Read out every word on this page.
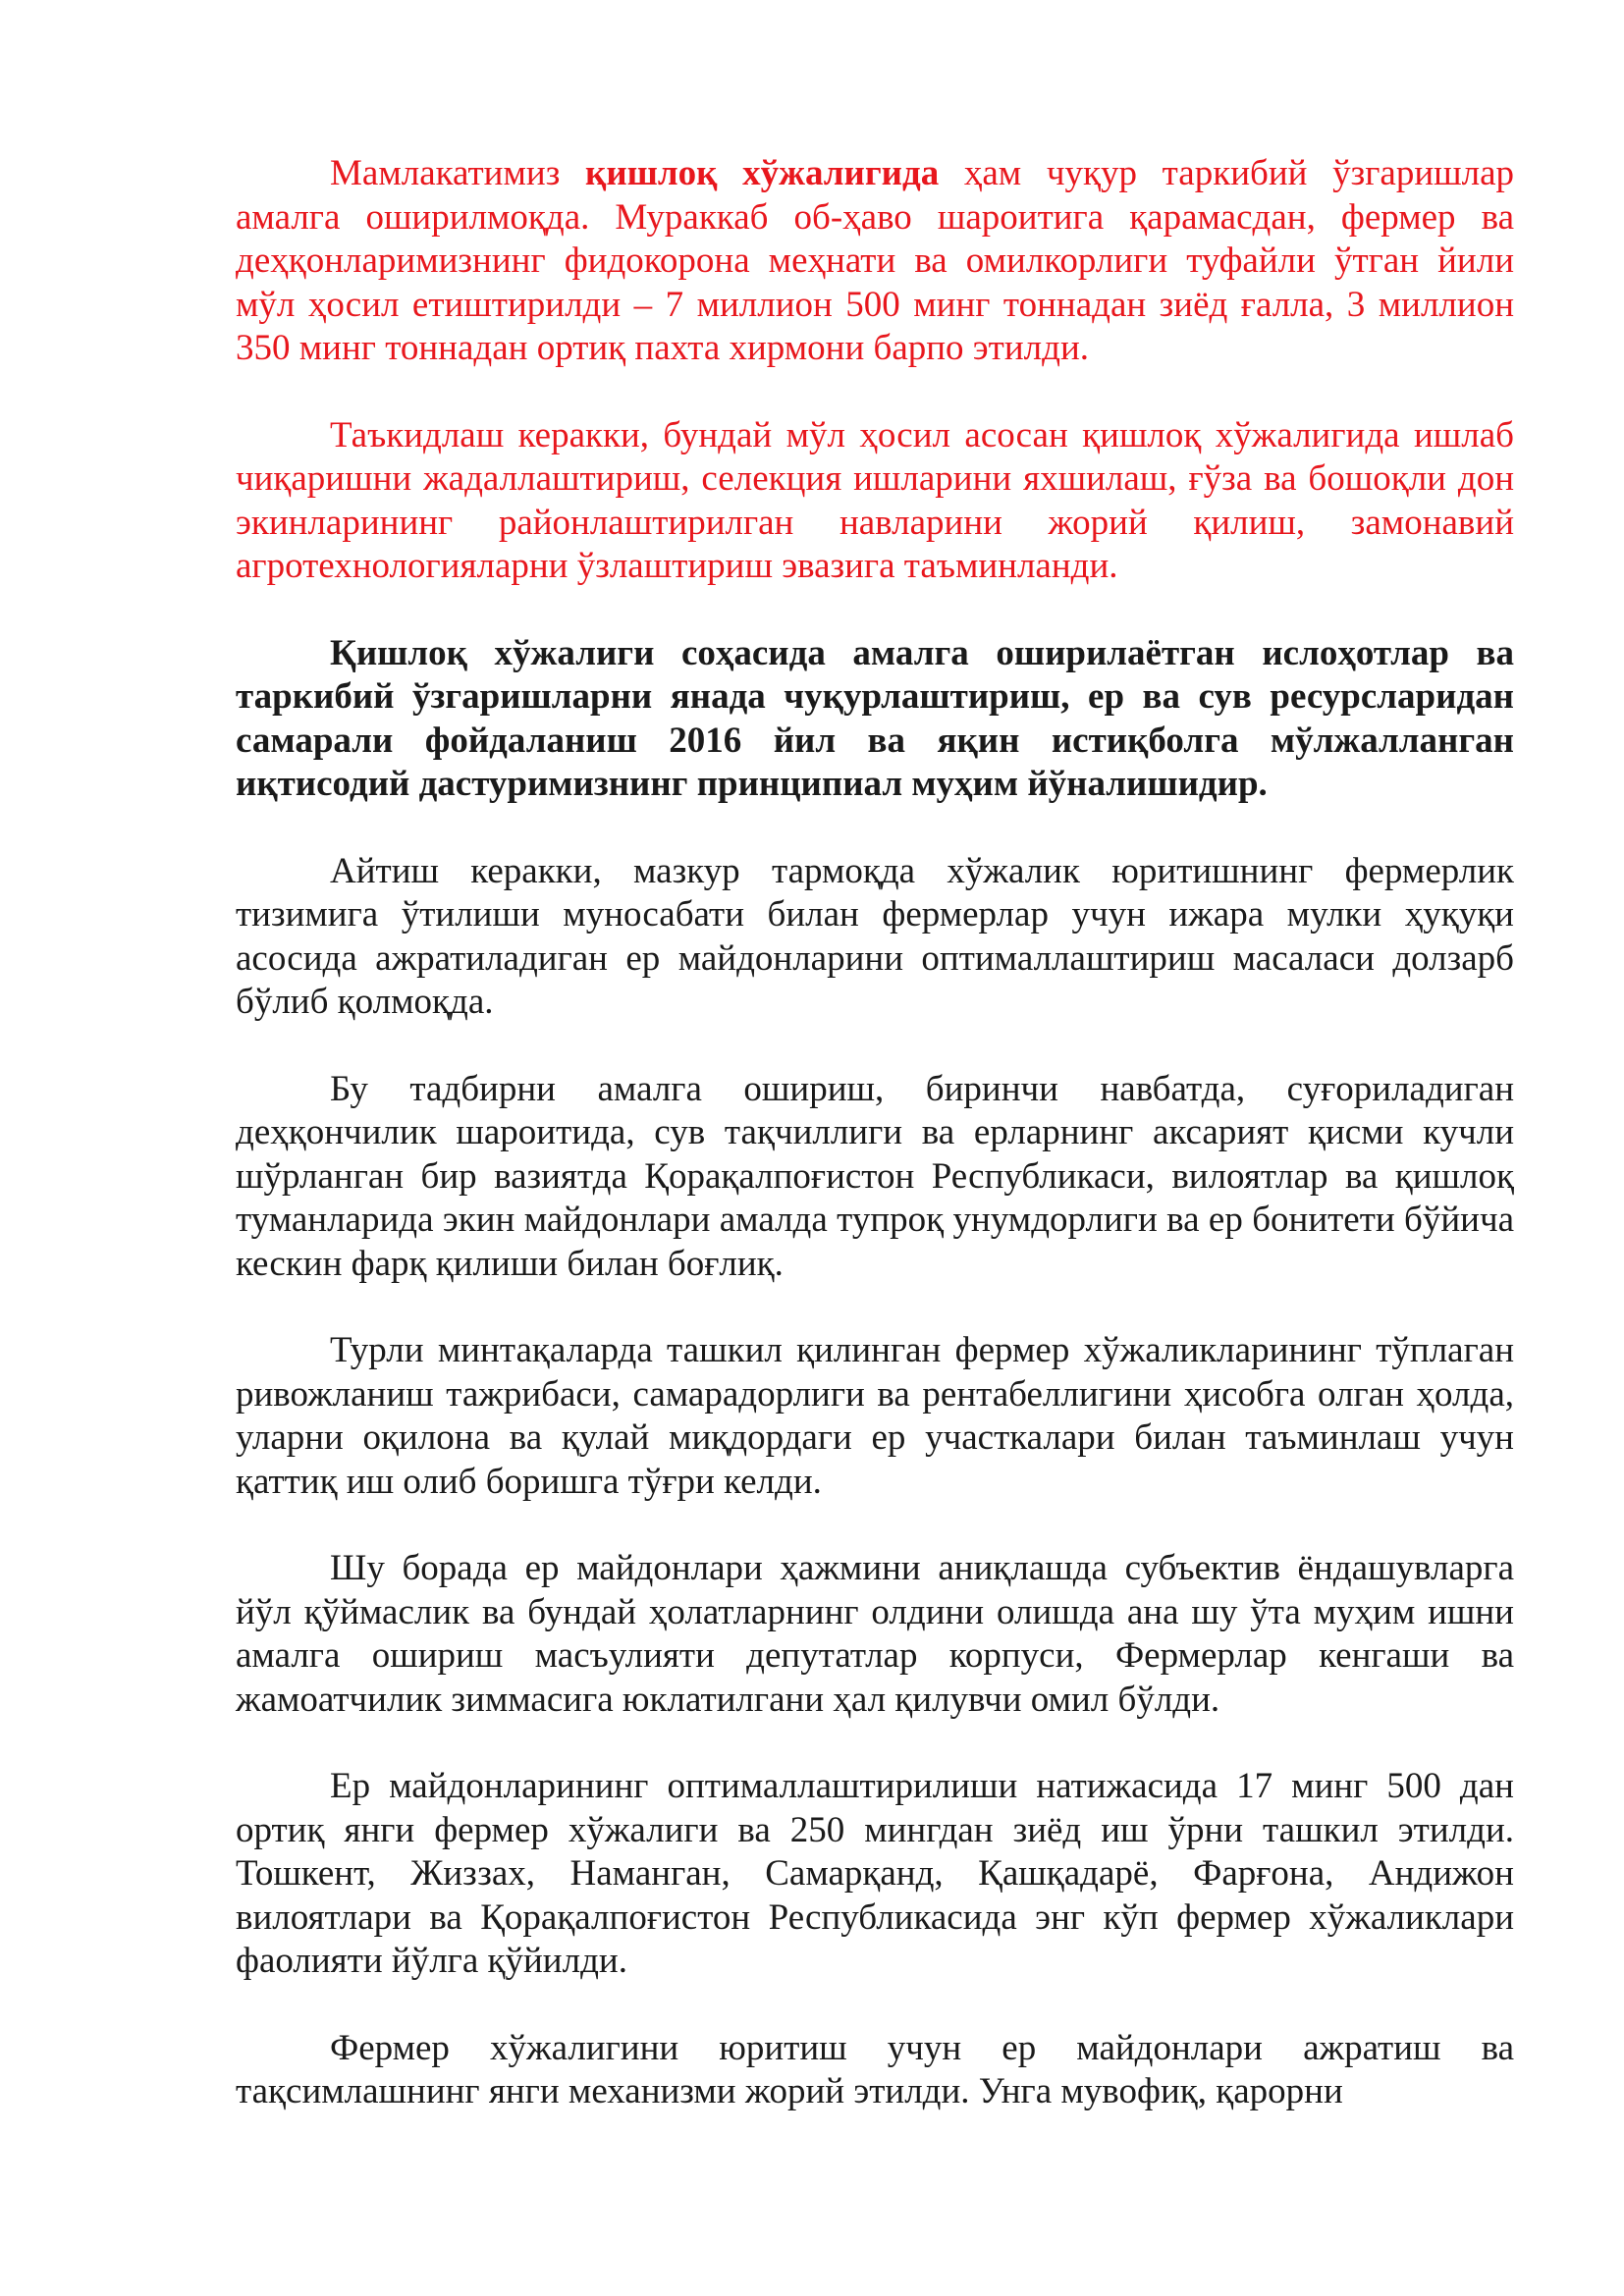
Мамлакатимиз қишлоқ хўжалигида ҳам чуқур таркибий ўзгаришлар амалга оширилмоқда. Мураккаб об-ҳаво шароитига қарамасдан, фермер ва деҳқонларимизнинг фидокорона меҳнати ва омилкорлиги туфайли ўтган йили мўл ҳосил етиштирилди – 7 миллион 500 минг тоннадан зиёд ғалла, 3 миллион 350 минг тоннадан ортиқ пахта хирмони барпо этилди.

Таъкидлаш керакки, бундай мўл ҳосил асосан қишлоқ хўжалигида ишлаб чиқаришни жадаллаштириш, селекция ишларини яхшилаш, ғўза ва бошоқли дон экинларининг районлаштирилган навларини жорий қилиш, замонавий агротехнологияларни ўзлаштириш эвазига таъминланди.

Қишлоқ хўжалиги соҳасида амалга оширилаётган ислоҳотлар ва таркибий ўзгаришларни янада чуқурлаштириш, ер ва сув ресурсларидан самарали фойдаланиш 2016 йил ва яқин истиқболга мўлжалланган иқтисодий дастуримизнинг принципиал муҳим йўналишидир.

Айтиш керакки, мазкур тармоқда хўжалик юритишнинг фермерлик тизимига ўтилиши муносабати билан фермерлар учун ижара мулки ҳуқуқи асосида ажратиладиган ер майдонларини оптималлаштириш масаласи долзарб бўлиб қолмоқда.

Бу тадбирни амалга ошириш, биринчи навбатда, суғориладиган деҳқончилик шароитида, сув тақчиллиги ва ерларнинг аксарият қисми кучли шўрланган бир вазиятда Қорақалпоғистон Республикаси, вилоятлар ва қишлоқ туманларида экин майдонлари амалда тупроқ унумдорлиги ва ер бонитети бўйича кескин фарқ қилиши билан боғлиқ.

Турли минтақаларда ташкил қилинган фермер хўжаликларининг тўплаган ривожланиш тажрибаси, самарадорлиги ва рентабеллигини ҳисобга олган ҳолда, уларни оқилона ва қулай миқдордаги ер участкалари билан таъминлаш учун қаттиқ иш олиб боришга тўғри келди.

Шу борада ер майдонлари ҳажмини аниқлашда субъектив ёндашувларга йўл қўймаслик ва бундай ҳолатларнинг олдини олишда ана шу ўта муҳим ишни амалга ошириш масъулияти депутатлар корпуси, Фермерлар кенгаши ва жамоатчилик зиммасига юклатилгани ҳал қилувчи омил бўлди.

Ер майдонларининг оптималлаштирилиши натижасида 17 минг 500 дан ортиқ янги фермер хўжалиги ва 250 мингдан зиёд иш ўрни ташкил этилди. Тошкент, Жиззах, Наманган, Самарқанд, Қашқадарё, Фарғона, Андижон вилоятлари ва Қорақалпоғистон Республикасида энг кўп фермер хўжаликлари фаолияти йўлга қўйилди.

Фермер хўжалигини юритиш учун ер майдонлари ажратиш ва тақсимлашнинг янги механизми жорий этилди. Унга мувофиқ, қарорни
